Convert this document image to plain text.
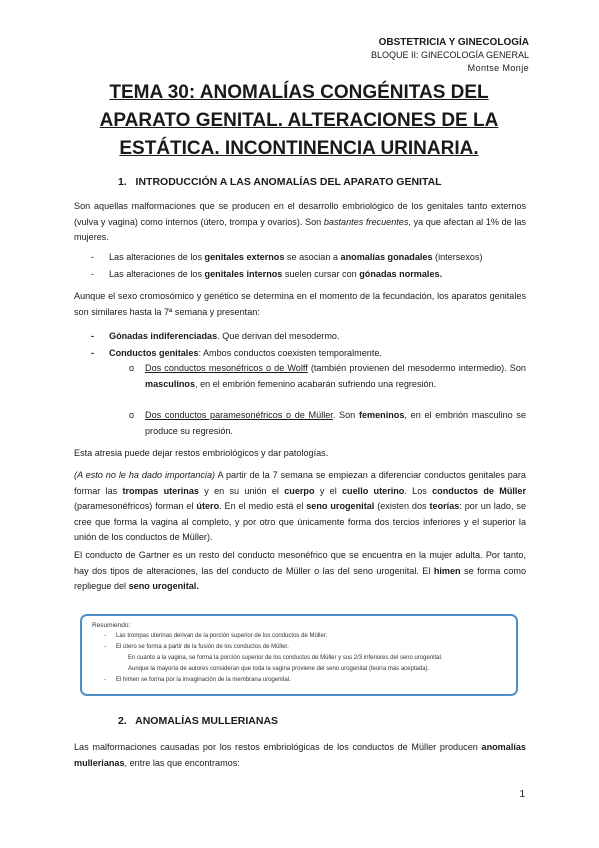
OBSTETRICIA Y GINECOLOGÍA
BLOQUE II: GINECOLOGÍA GENERAL
Montse Monje
TEMA 30: ANOMALÍAS CONGÉNITAS DEL
APARATO GENITAL. ALTERACIONES DE LA
ESTÁTICA. INCONTINENCIA URINARIA.
1. INTRODUCCIÓN A LAS ANOMALÍAS DEL APARATO GENITAL

Son aquellas malformaciones que se producen en el desarrollo embriológico de los genitales tanto externos (vulva y vagina) como internos (útero, trompa y ovarios). Son bastantes frecuentes, ya que afectan al 1% de las mujeres.

- Las alteraciones de los genitales externos se asocian a anomalías gonadales (intersexos)

- Las alteraciones de los genitales internos suelen cursar con gónadas normales.

Aunque el sexo cromosómico y genético se determina en el momento de la fecundación, los aparatos genitales son similares hasta la 7ª semana y presentan:

- Gónadas indiferenciadas. Que derivan del mesodermo.

- Conductos genitales: Ambos conductos coexisten temporalmente.

o Dos conductos mesonéfricos o de Wolff (también provienen del mesodermo intermedio). Son masculinos, en el embrión femenino acabarán sufriendo una regresión.

o Dos conductos paramesonéfricos o de Müller. Son femeninos, en el embrión masculino se produce su regresión.

Esta atresia puede dejar restos embriológicos y dar patologías.

(A esto no le ha dado importancia) A partir de la 7 semana se empiezan a diferenciar conductos genitales para formar las trompas uterinas y en su unión el cuerpo y el cuello uterino. Los conductos de Müller (paramesonéfricos) forman el útero. En el medio está el seno urogenital (existen dos teorías: por un lado, se cree que forma la vagina al completo, y por otro que únicamente forma dos tercios inferiores y el superior la unión de los conductos de Müller).

El conducto de Gartner es un resto del conducto mesonéfrico que se encuentra en la mujer adulta. Por tanto, hay dos tipos de alteraciones, las del conducto de Müller o las del seno urogenital. El himen se forma como repliegue del seno urogenital.

Resumiendo:
- Las trompas uterinas derivan de la porción superior de los conductos de Müller.
- El útero se forma a partir de la fusión de los conductos de Müller.
En cuanto a la vagina, se forma la porción superior de los conductos de Müller y sus 2/3 inferiores del seno urogenital.
Aunque la mayoría de autores consideran que toda la vagina proviene del seno urogenital (teoría más aceptada).
- El himen se forma por la invaginación de la membrana urogenital.
2. ANOMALÍAS MULLERIANAS

Las malformaciones causadas por los restos embriológicas de los conductos de Müller producen anomalías mullerianas, entre las que encontramos:

1
